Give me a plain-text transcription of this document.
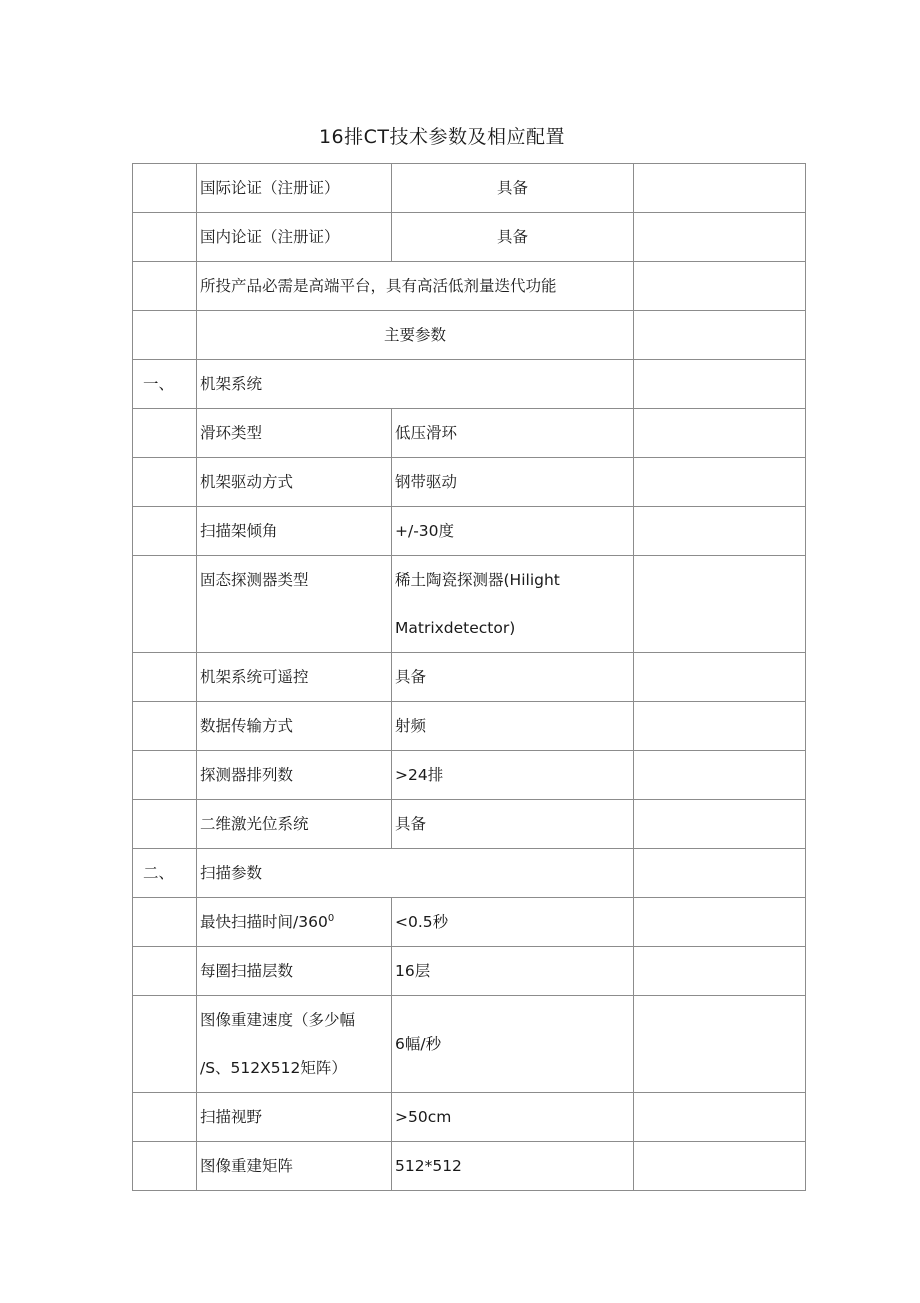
16排CT技术参数及相应配置
	国际论证（注册证）	具备	
	国内论证（注册证）	具备	
	所投产品必需是高端平台，具有高活低剂量迭代功能		
	主要参数		
一、	机架系统		
	滑环类型	低压滑环	
	机架驱动方式	钢带驱动	
	扫描架倾角	+/-30度	
	固态探测器类型	稀土陶瓷探测器(Hilight
Matrixdetector)	

	机架系统可遥控	具备	
	数据传输方式	射频	
	探测器排列数	>24排	
	二维激光位系统	具备	
二、	扫描参数		
	最快扫描时间$/360^0$	<0.5秒	
	每圈扫描层数	16层	

	图像重建速度（多少幅
/S、512X512矩阵）	6幅/秒	
	扫描视野	>50cm	
	图像重建矩阵	512*512	
